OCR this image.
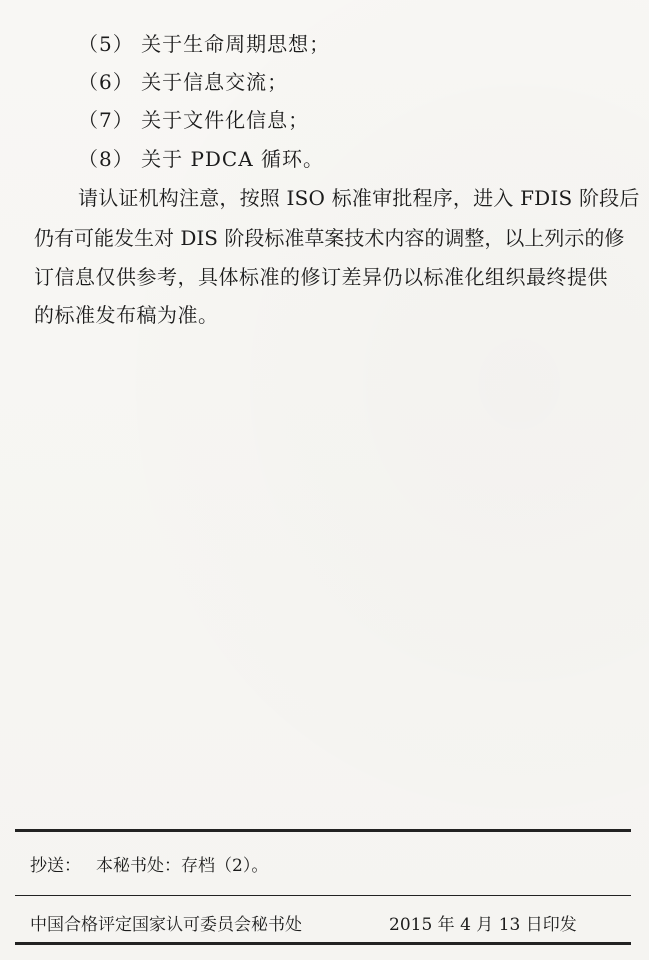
（5） 关于生命周期思想；
（6） 关于信息交流；
（7） 关于文件化信息；
（8） 关于 PDCA 循环。
请认证机构注意，按照 ISO 标准审批程序，进入 FDIS 阶段后
仍有可能发生对 DIS 阶段标准草案技术内容的调整，以上列示的修
订信息仅供参考，具体标准的修订差异仍以标准化组织最终提供
的标准发布稿为准。
抄送： 本秘书处：存档（2）。
中国合格评定国家认可委员会秘书处	2015 年 4 月 13 日印发
